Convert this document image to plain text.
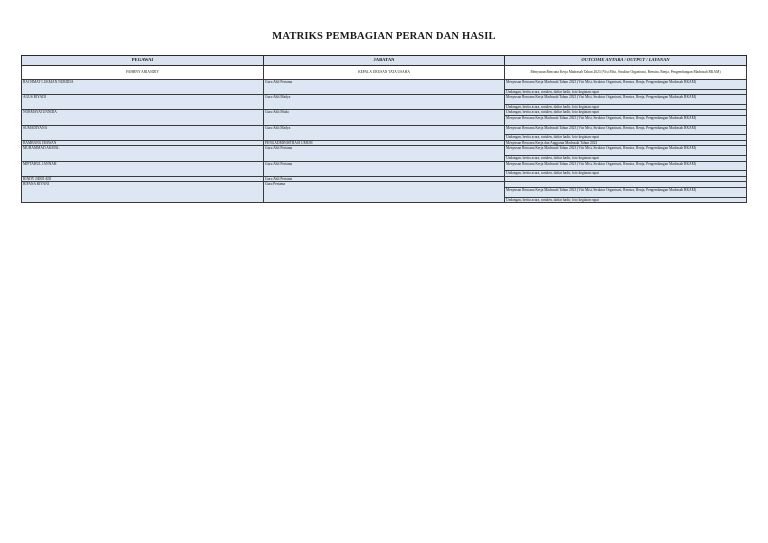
MATRIKS PEMBAGIAN PERAN DAN HASIL
PEGAWAI	JABATAN	OUTCOME ANTARA / OUTPUT / LAYANAN
FAHRNY ARIANDIY	KEPALA URUSAN TATA USAHA	Menyusun Rencana Kerja Madrasah Tahun 2023 (Visi Misi, Struktur Organisasi, Renstra, Renja, Pengembangan Madrasah RKAM)
RACHMAT LUKMAN NURJIDA	Guru Ahli Pertama	Menyusun Rencana Kerja Madrasah Tahun 2023 (Visi Misi, Struktur Organisasi, Renstra, Renja, Pengembangan Madrasah RKAM)
		Undangan, berita acara, notulen, daftar hadir, foto kegiatan rapat
AGUS RIYADI	Guru Ahli Madya	Menyusun Rencana Kerja Madrasah Tahun 2023 (Visi Misi, Struktur Organisasi, Renstra, Renja, Pengembangan Madrasah RKAM)
		Undangan, berita acara, notulen, daftar hadir, foto kegiatan rapat
NORMAYATUNNIDA	Guru Ahli Muda	Undangan, berita acara, notulen, daftar hadir, foto kegiatan rapat
		Menyusun Rencana Kerja Madrasah Tahun 2023 (Visi Misi, Struktur Organisasi, Renstra, Renja, Pengembangan Madrasah RKAM)
SUMADIYANA	Guru Ahli Madya	Menyusun Rencana Kerja Madrasah Tahun 2023 (Visi Misi, Struktur Organisasi, Renstra, Renja, Pengembangan Madrasah RKAM)
		Undangan, berita acara, notulen, daftar hadir, foto kegiatan rapat
BAMBANG IRAWAN	PENGADMINISTRASI UMUM	Menyusun Rencana Kerja dan Anggaran Madrasah Tahun 2023
MUHAMMAD AKMAL	Guru Ahli Pertama	Menyusun Rencana Kerja Madrasah Tahun 2023 (Visi Misi, Struktur Organisasi, Renstra, Renja, Pengembangan Madrasah RKAM)
		Undangan, berita acara, notulen, daftar hadir, foto kegiatan rapat
MIFTAHUL JANNAH	Guru Ahli Pertama	Menyusun Rencana Kerja Madrasah Tahun 2023 (Visi Misi, Struktur Organisasi, Renstra, Renja, Pengembangan Madrasah RKAM)
		Undangan, berita acara, notulen, daftar hadir, foto kegiatan rapat
RINDY JIDDI ADI	Guru Ahli Pertama	
RIFANA RIYANI	Guru Pertama	
		Menyusun Rencana Kerja Madrasah Tahun 2023 (Visi Misi, Struktur Organisasi, Renstra, Renja, Pengembangan Madrasah RKAM)
		Undangan, berita acara, notulen, daftar hadir, foto kegiatan rapat
